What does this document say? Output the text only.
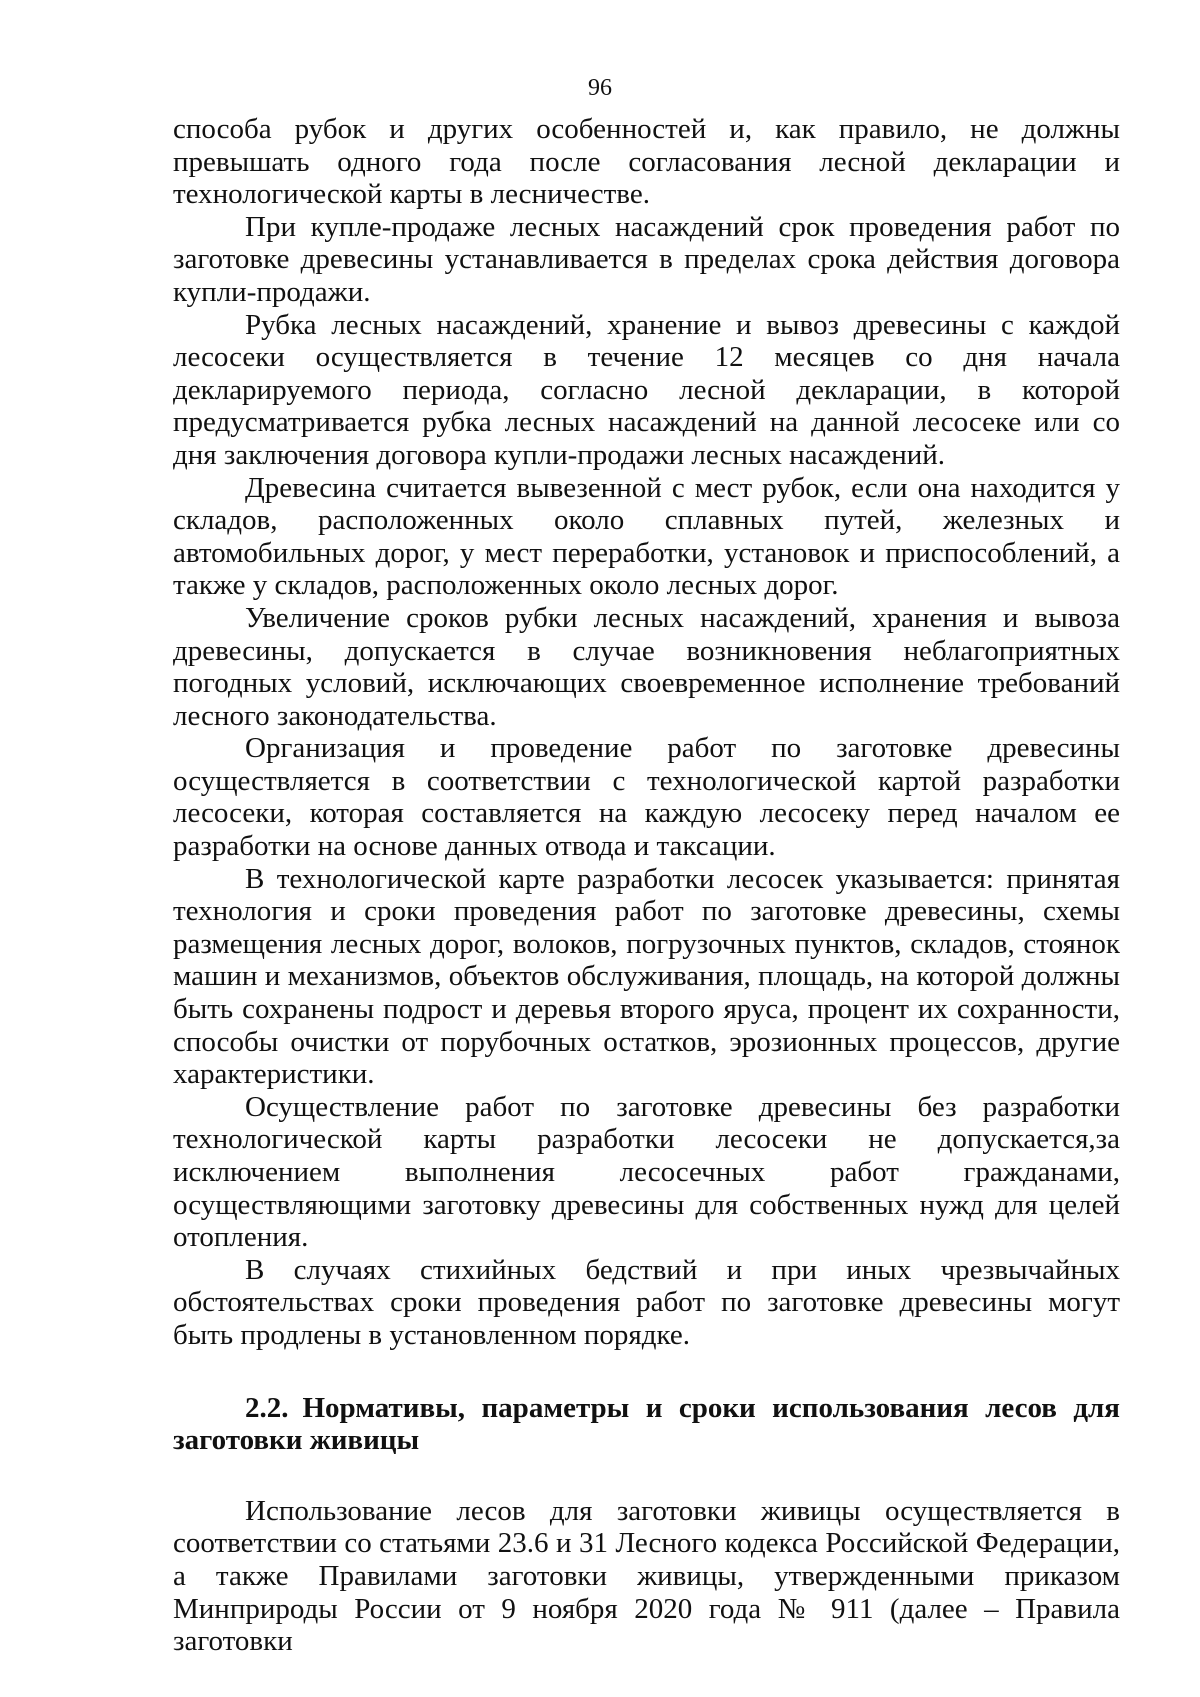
96

способа рубок и других особенностей и, как правило, не должны превышать одного года после согласования лесной декларации и технологической карты в лесничестве.

При купле-продаже лесных насаждений срок проведения работ по заготовке древесины устанавливается в пределах срока действия договора купли-продажи.

Рубка лесных насаждений, хранение и вывоз древесины с каждой лесосеки осуществляется в течение 12 месяцев со дня начала декларируемого периода, согласно лесной декларации, в которой предусматривается рубка лесных насаждений на данной лесосеке или со дня заключения договора купли-продажи лесных насаждений.

Древесина считается вывезенной с мест рубок, если она находится у складов, расположенных около сплавных путей, железных и автомобильных дорог, у мест переработки, установок и приспособлений, а также у складов, расположенных около лесных дорог.

Увеличение сроков рубки лесных насаждений, хранения и вывоза древесины, допускается в случае возникновения неблагоприятных погодных условий, исключающих своевременное исполнение требований лесного законодательства.

Организация и проведение работ по заготовке древесины осуществляется в соответствии с технологической картой разработки лесосеки, которая составляется на каждую лесосеку перед началом ее разработки на основе данных отвода и таксации.

В технологической карте разработки лесосек указывается: принятая технология и сроки проведения работ по заготовке древесины, схемы размещения лесных дорог, волоков, погрузочных пунктов, складов, стоянок машин и механизмов, объектов обслуживания, площадь, на которой должны быть сохранены подрост и деревья второго яруса, процент их сохранности, способы очистки от порубочных остатков, эрозионных процессов, другие характеристики.

Осуществление работ по заготовке древесины без разработки технологической карты разработки лесосеки не допускается,за исключением выполнения лесосечных работ гражданами, осуществляющими заготовку древесины для собственных нужд для целей отопления.

В случаях стихийных бедствий и при иных чрезвычайных обстоятельствах сроки проведения работ по заготовке древесины могут быть продлены в установленном порядке.

2.2. Нормативы, параметры и сроки использования лесов для заготовки живицы

Использование лесов для заготовки живицы осуществляется в соответствии со статьями 23.6 и 31 Лесного кодекса Российской Федерации, а также Правилами заготовки живицы, утвержденными приказом Минприроды России от 9 ноября 2020 года № 911 (далее – Правила заготовки
